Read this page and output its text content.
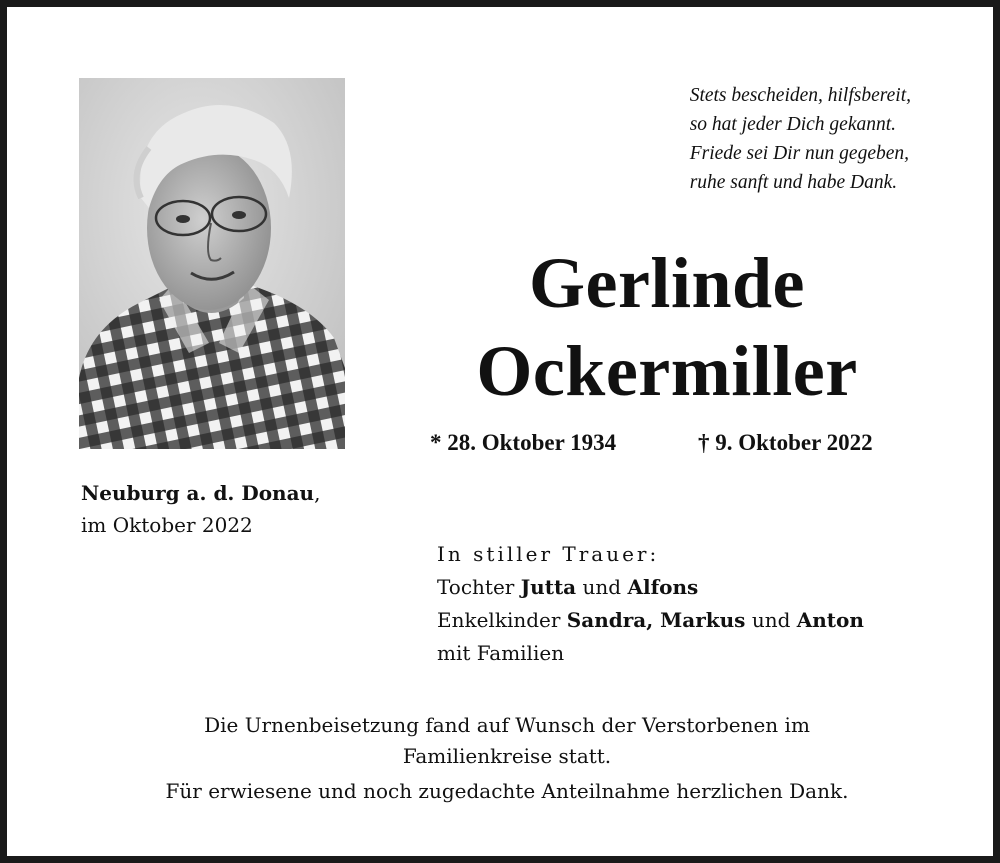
Stets bescheiden, hilfsbereit,
so hat jeder Dich gekannt.
Friede sei Dir nun gegeben,
ruhe sanft und habe Dank.
Gerlinde
Ockermiller
* 28. Oktober 1934	† 9. Oktober 2022
Neuburg a. d. Donau,
im Oktober 2022
In stiller Trauer:
Tochter Jutta und Alfons
Enkelkinder Sandra, Markus und Anton
mit Familien
Die Urnenbeisetzung fand auf Wunsch der Verstorbenen im
Familienkreise statt.
Für erwiesene und noch zugedachte Anteilnahme herzlichen Dank.
